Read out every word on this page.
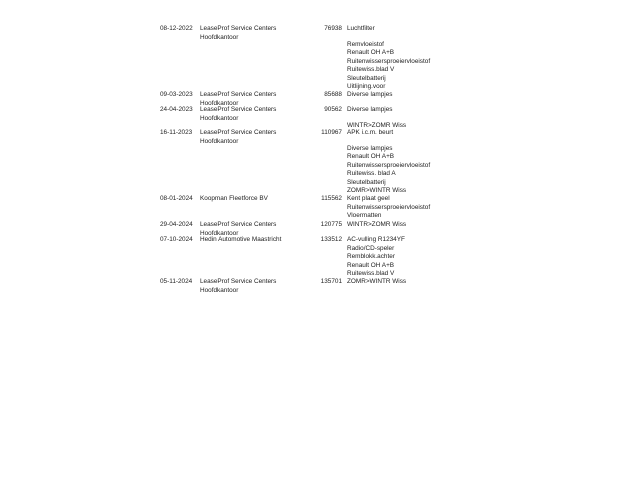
08-12-2022 LeaseProf Service Centers
Hoofdkantoor
76938 Luchtfilter
Remvloeistof
Renault OH A+B
Ruitenwissersproeiervloeistof
Ruitewiss.blad V
Sleutelbatterij
Uitlijning.voor
09-03-2023 LeaseProf Service Centers
Hoofdkantoor
85688 Diverse lampjes
24-04-2023 LeaseProf Service Centers
Hoofdkantoor
90562 Diverse lampjes
WINTR>ZOMR Wiss
16-11-2023 LeaseProf Service Centers
Hoofdkantoor
110967 APK i.c.m. beurt
Diverse lampjes
Renault OH A+B
Ruitenwissersproeiervloeistof
Ruitewiss. blad A
Sleutelbatterij
ZOMR>WINTR Wiss
08-01-2024 Koopman Fleetforce BV	115562 Kent plaat geel
Ruitenwissersproeiervloeistof
Vloermatten
29-04-2024 LeaseProf Service Centers
Hoofdkantoor
120775 WINTR>ZOMR Wiss
07-10-2024 Hedin Automotive Maastricht	133512 AC-vulling R1234YF
Radio/CD-speler
Remblokk.achter
Renault OH A+B
Ruitewiss.blad V
05-11-2024 LeaseProf Service Centers
Hoofdkantoor
135701 ZOMR>WINTR Wiss
